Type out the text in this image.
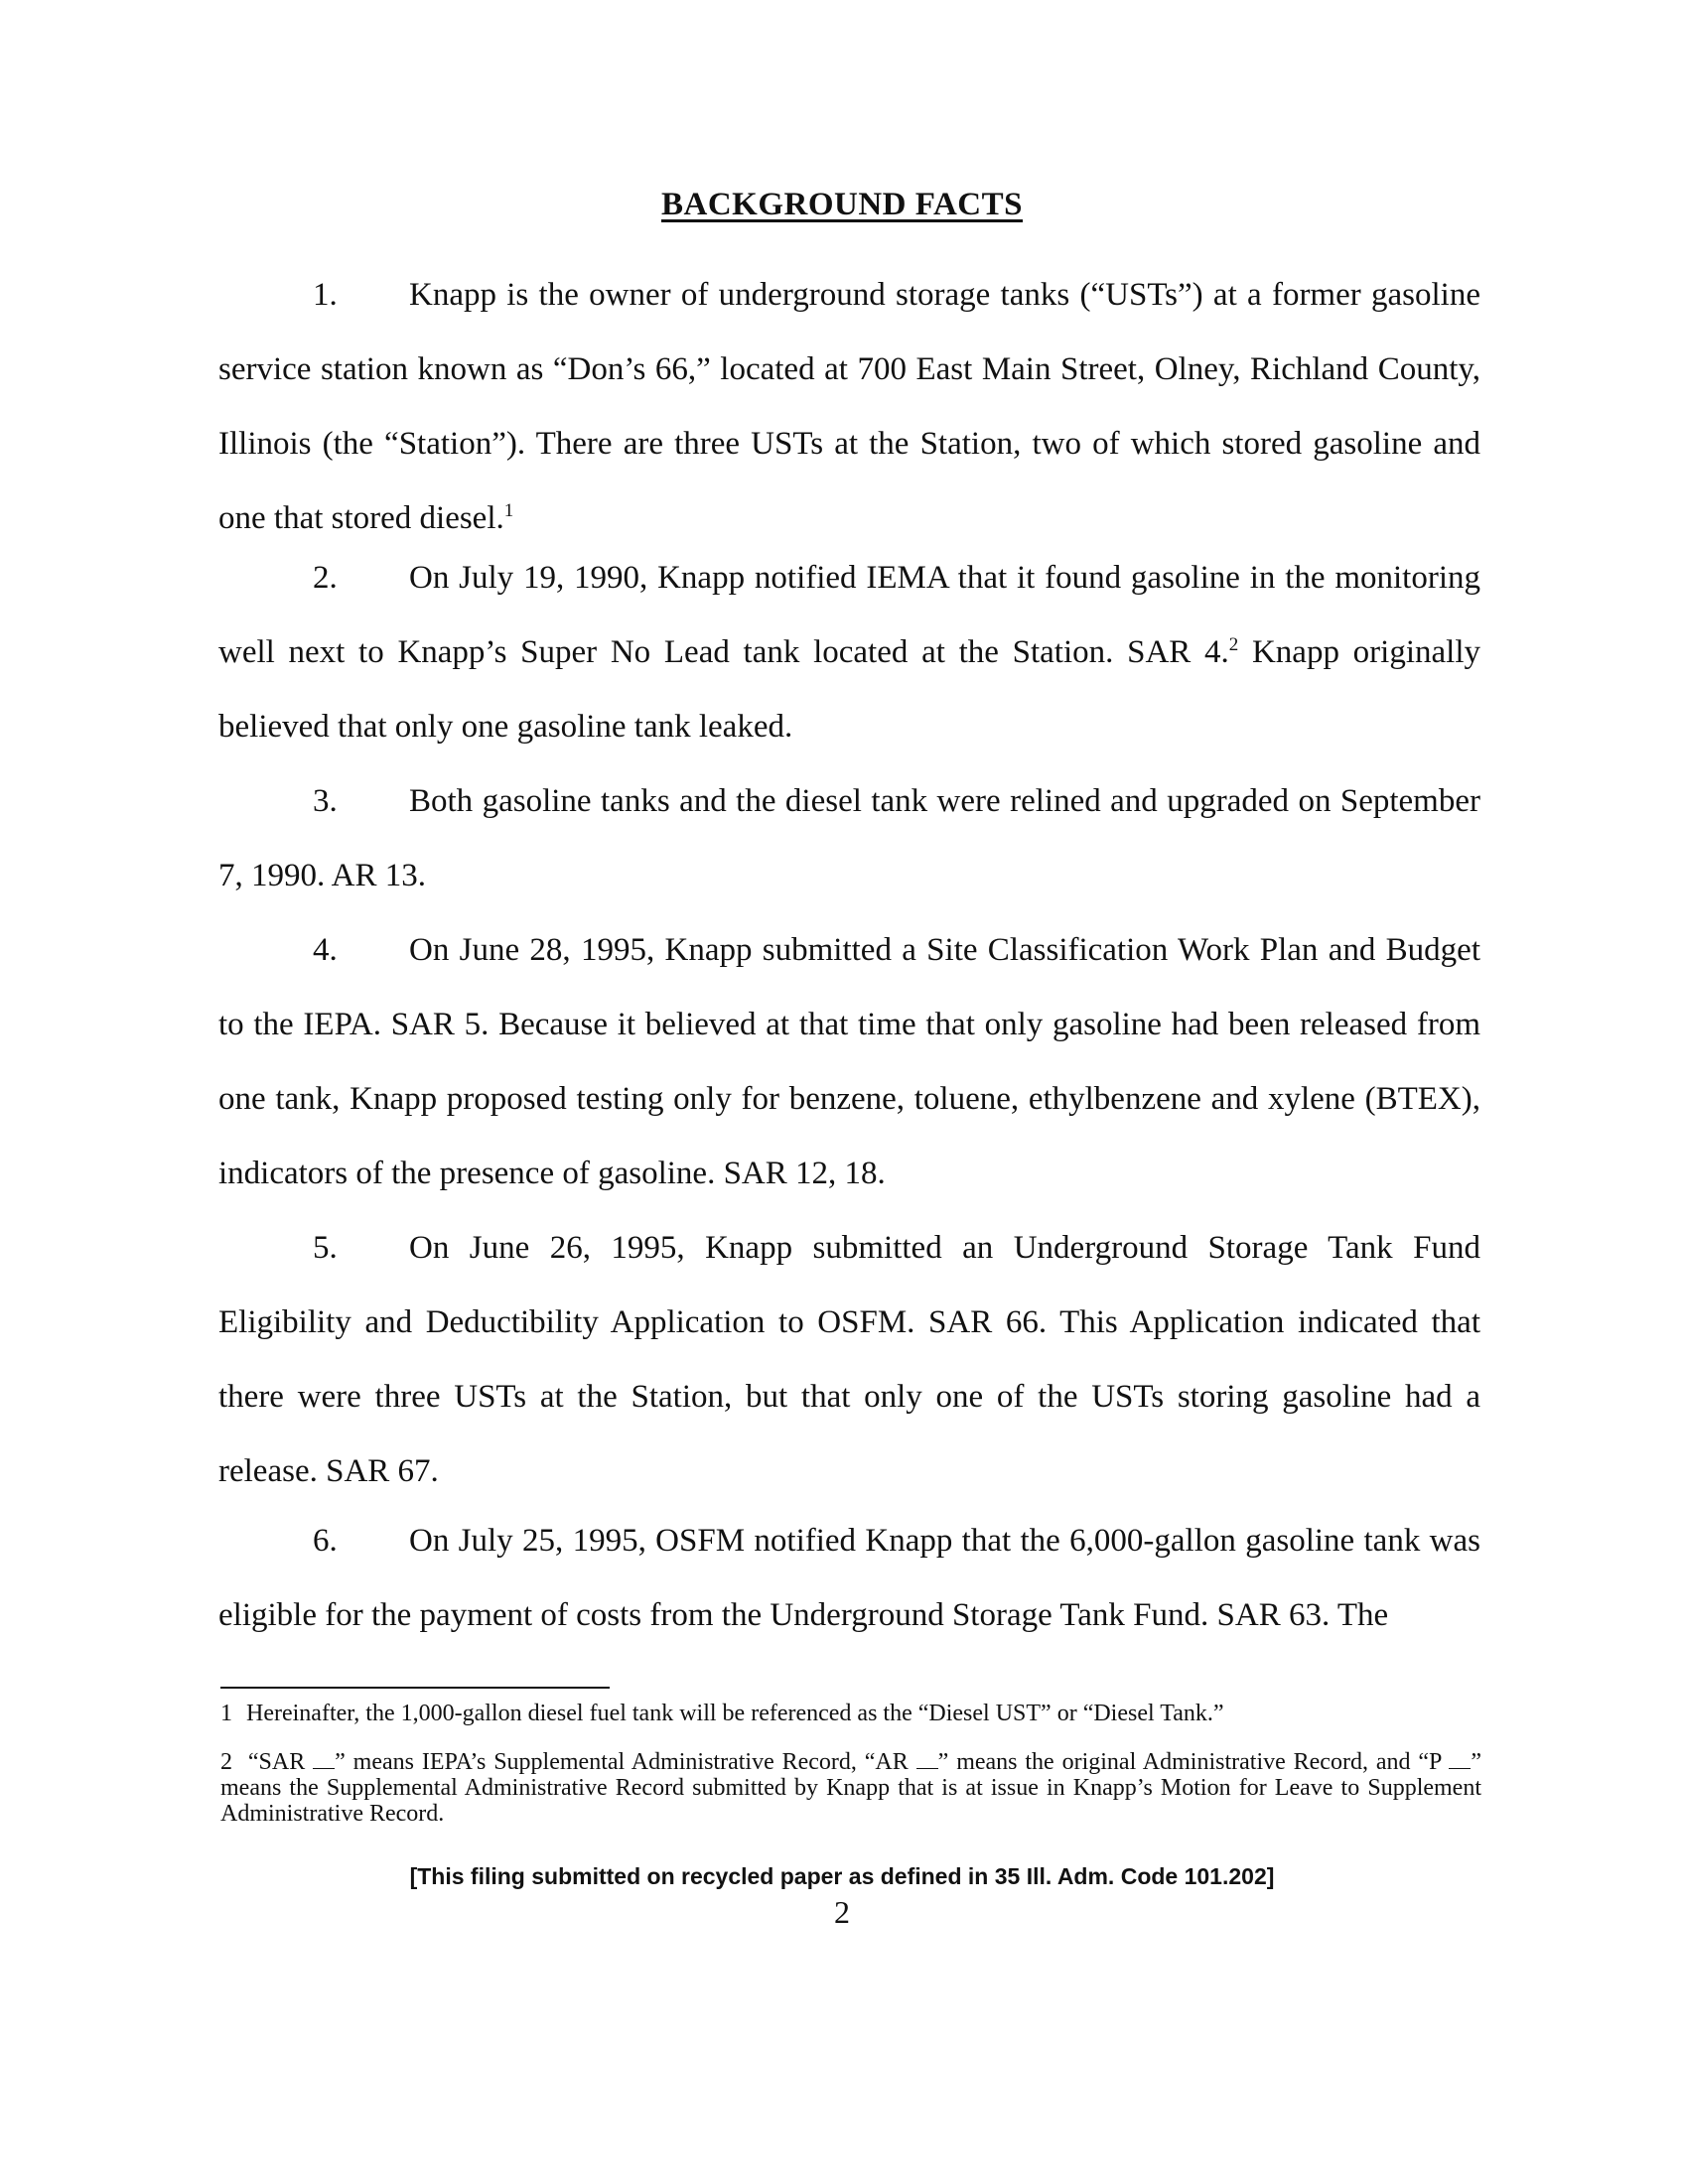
BACKGROUND FACTS
1. Knapp is the owner of underground storage tanks (“USTs”) at a former gasoline service station known as “Don’s 66,” located at 700 East Main Street, Olney, Richland County, Illinois (the “Station”). There are three USTs at the Station, two of which stored gasoline and one that stored diesel.$^1$
2. On July 19, 1990, Knapp notified IEMA that it found gasoline in the monitoring well next to Knapp’s Super No Lead tank located at the Station. SAR 4.$^2$ Knapp originally believed that only one gasoline tank leaked.
3. Both gasoline tanks and the diesel tank were relined and upgraded on September 7, 1990. AR 13.
4. On June 28, 1995, Knapp submitted a Site Classification Work Plan and Budget to the IEPA. SAR 5. Because it believed at that time that only gasoline had been released from one tank, Knapp proposed testing only for benzene, toluene, ethylbenzene and xylene (BTEX), indicators of the presence of gasoline. SAR 12, 18.
5. On June 26, 1995, Knapp submitted an Underground Storage Tank Fund Eligibility and Deductibility Application to OSFM. SAR 66. This Application indicated that there were three USTs at the Station, but that only one of the USTs storing gasoline had a release. SAR 67.
6. On July 25, 1995, OSFM notified Knapp that the 6,000-gallon gasoline tank was eligible for the payment of costs from the Underground Storage Tank Fund. SAR 63. The
1 Hereinafter, the 1,000-gallon diesel fuel tank will be referenced as the “Diesel UST” or “Diesel Tank.”
2 “SAR ” means IEPA’s Supplemental Administrative Record, “AR ” means the original Administrative Record, and “P ” means the Supplemental Administrative Record submitted by Knapp that is at issue in Knapp’s Motion for Leave to Supplement Administrative Record.
[This filing submitted on recycled paper as defined in 35 Ill. Adm. Code 101.202]
2
